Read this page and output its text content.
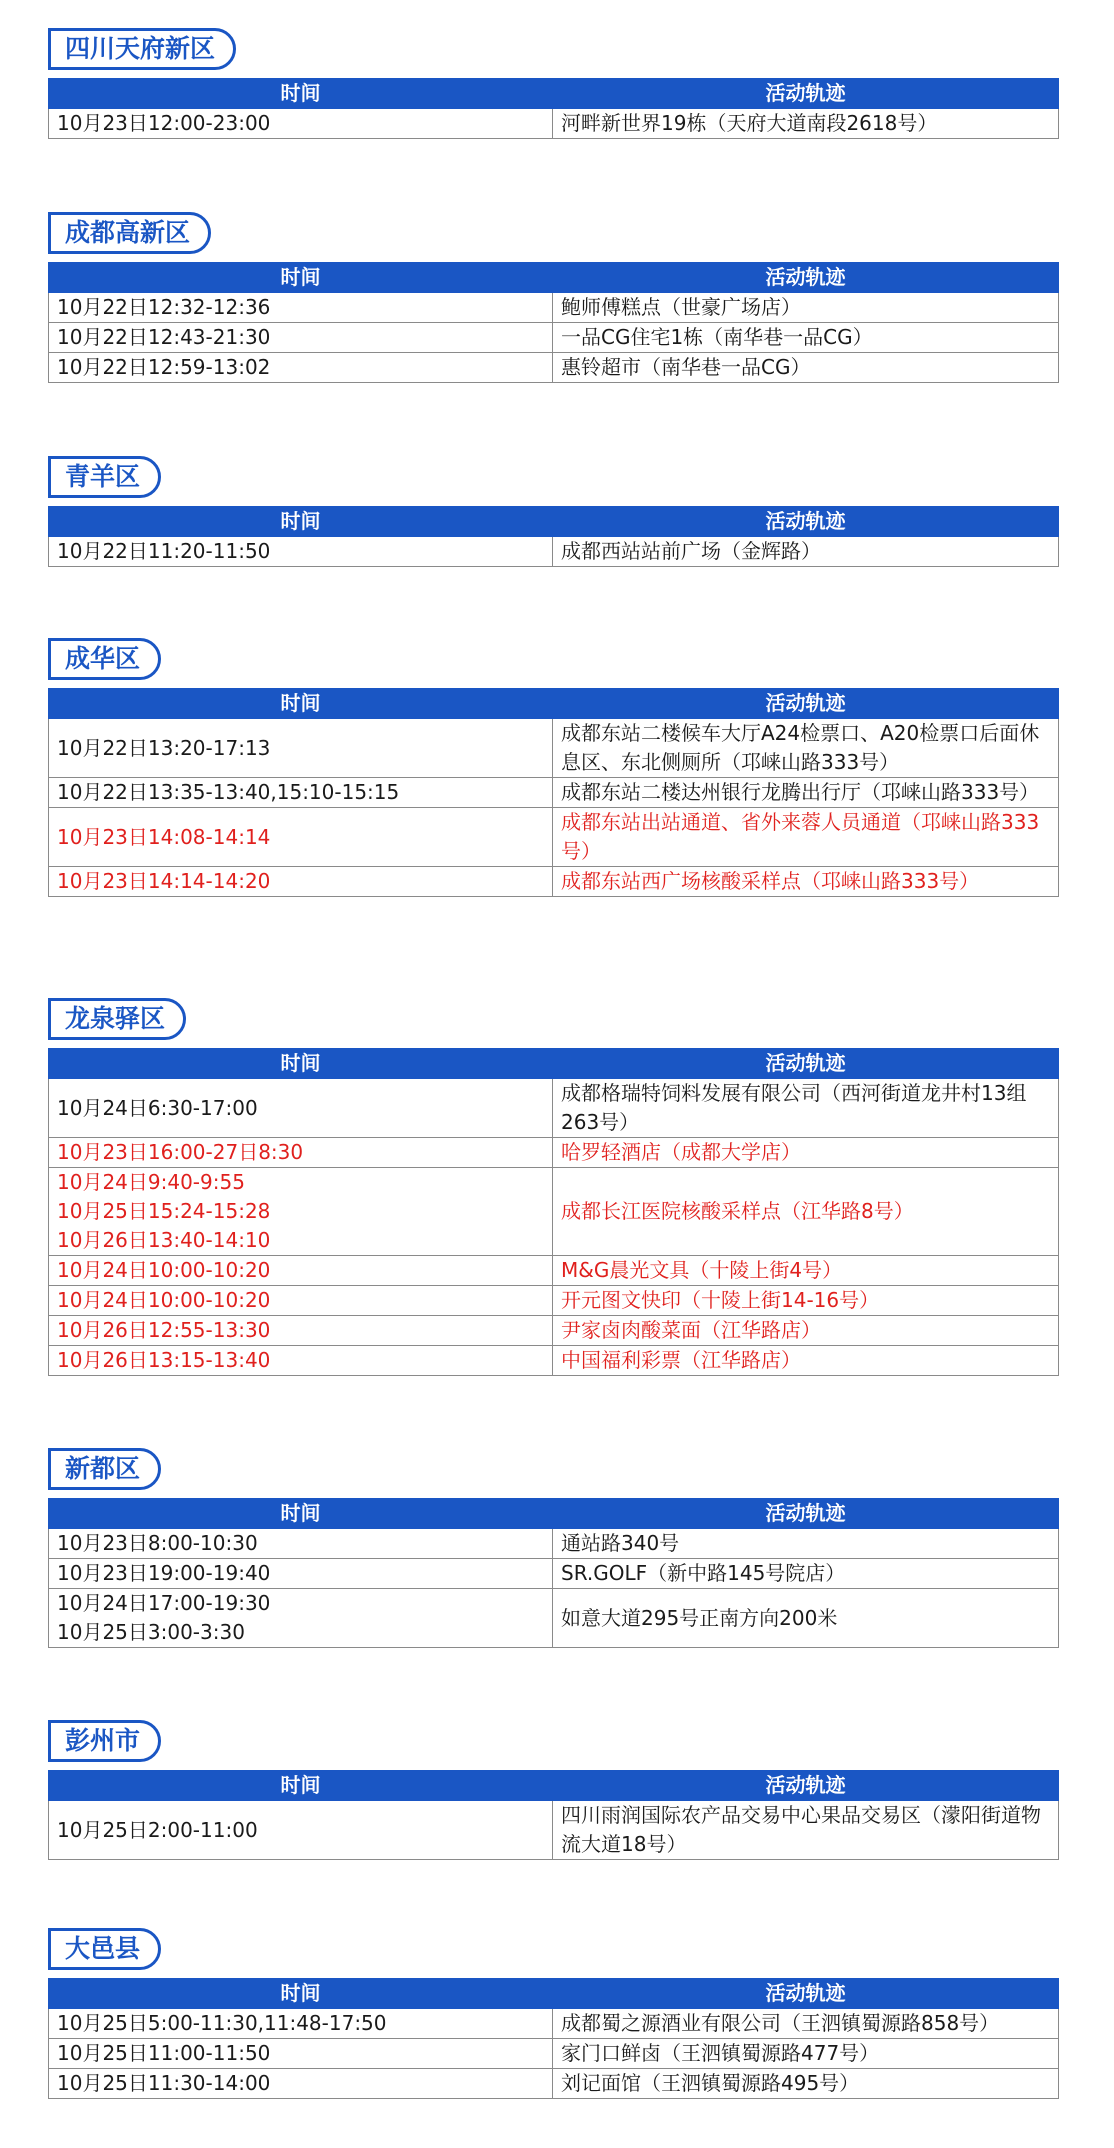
四川天府新区
时间	活动轨迹

10月23日12:00-23:00	河畔新世界19栋（天府大道南段2618号）
成都高新区
时间	活动轨迹

10月22日12:32-12:36	鲍师傅糕点（世豪广场店）

10月22日12:43-21:30	一品CG住宅1栋（南华巷一品CG）

10月22日12:59-13:02	惠铃超市（南华巷一品CG）
青羊区
时间	活动轨迹

10月22日11:20-11:50	成都西站站前广场（金辉路）
成华区
时间	活动轨迹

10月22日13:20-17:13	成都东站二楼候车大厅A24检票口、A20检票口后面休息区、东北侧厕所（邛崃山路333号）

10月22日13:35-13:40,15:10-15:15	成都东站二楼达州银行龙腾出行厅（邛崃山路333号）

10月23日14:08-14:14	成都东站出站通道、省外来蓉人员通道（邛崃山路333号）

10月23日14:14-14:20	成都东站西广场核酸采样点（邛崃山路333号）
龙泉驿区
时间	活动轨迹

10月24日6:30-17:00	成都格瑞特饲料发展有限公司（西河街道龙井村13组263号）

10月23日16:00-27日8:30	哈罗轻酒店（成都大学店）

10月24日9:40-9:55
10月25日15:24-15:28
10月26日13:40-14:10	成都长江医院核酸采样点（江华路8号）

10月24日10:00-10:20	M&G晨光文具（十陵上街4号）

10月24日10:00-10:20	开元图文快印（十陵上街14-16号）

10月26日12:55-13:30	尹家卤肉酸菜面（江华路店）

10月26日13:15-13:40	中国福利彩票（江华路店）
新都区
时间	活动轨迹

10月23日8:00-10:30	通站路340号

10月23日19:00-19:40	SR.GOLF（新中路145号院店）

10月24日17:00-19:30
10月25日3:00-3:30	如意大道295号正南方向200米
彭州市
时间	活动轨迹

10月25日2:00-11:00	四川雨润国际农产品交易中心果品交易区（濛阳街道物流大道18号）
大邑县
时间	活动轨迹

10月25日5:00-11:30,11:48-17:50	成都蜀之源酒业有限公司（王泗镇蜀源路858号）

10月25日11:00-11:50	家门口鲜卤（王泗镇蜀源路477号）

10月25日11:30-14:00	刘记面馆（王泗镇蜀源路495号）
